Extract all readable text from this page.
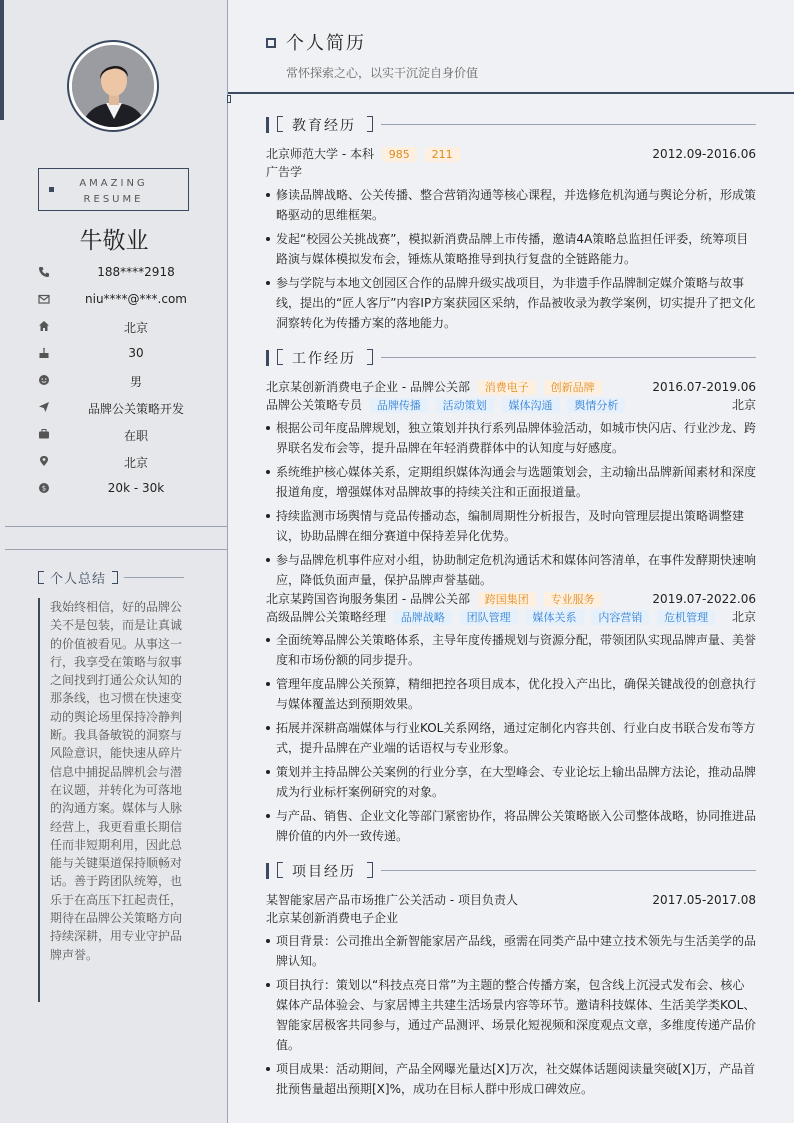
AMAZING
RESUME
牛敬业
188****2918
niu****@***.com
北京
30
男
品牌公关策略开发
在职
北京
$	20k - 30k
个人总结
我始终相信，好的品牌公关不是包装，而是让真诚的价值被看见。从事这一行，我享受在策略与叙事之间找到打通公众认知的那条线，也习惯在快速变动的舆论场里保持冷静判断。我具备敏锐的洞察与风险意识，能快速从碎片信息中捕捉品牌机会与潜在议题，并转化为可落地的沟通方案。媒体与人脉经营上，我更看重长期信任而非短期利用，因此总能与关键渠道保持顺畅对话。善于跨团队统筹，也乐于在高压下扛起责任，期待在品牌公关策略方向持续深耕，用专业守护品牌声誉。
个人简历
常怀探索之心，以实干沉淀自身价值
教育经历
北京师范大学 - 本科 985 211	2012.09-2016.06
广告学
修读品牌战略、公关传播、整合营销沟通等核心课程，并选修危机沟通与舆论分析，形成策略驱动的思维框架。
发起“校园公关挑战赛”，模拟新消费品牌上市传播，邀请4A策略总监担任评委，统筹项目路演与媒体模拟发布会，锤炼从策略推导到执行复盘的全链路能力。
参与学院与本地文创园区合作的品牌升级实战项目，为非遗手作品牌制定媒介策略与故事线，提出的“匠人客厅”内容IP方案获园区采纳，作品被收录为教学案例，切实提升了把文化洞察转化为传播方案的落地能力。
工作经历
北京某创新消费电子企业 - 品牌公关部 消费电子 创新品牌	2016.07-2019.06
品牌公关策略专员 品牌传播 活动策划 媒体沟通 舆情分析	北京
根据公司年度品牌规划，独立策划并执行系列品牌体验活动，如城市快闪店、行业沙龙、跨界联名发布会等，提升品牌在年轻消费群体中的认知度与好感度。
系统维护核心媒体关系，定期组织媒体沟通会与选题策划会，主动输出品牌新闻素材和深度报道角度，增强媒体对品牌故事的持续关注和正面报道量。
持续监测市场舆情与竞品传播动态，编制周期性分析报告，及时向管理层提出策略调整建议，协助品牌在细分赛道中保持差异化优势。
参与品牌危机事件应对小组，协助制定危机沟通话术和媒体问答清单，在事件发酵期快速响应，降低负面声量，保护品牌声誉基础。
北京某跨国咨询服务集团 - 品牌公关部 跨国集团 专业服务	2019.07-2022.06
高级品牌公关策略经理 品牌战略 团队管理 媒体关系 内容营销 危机管理 北京
全面统筹品牌公关策略体系，主导年度传播规划与资源分配，带领团队实现品牌声量、美誉度和市场份额的同步提升。
管理年度品牌公关预算，精细把控各项目成本，优化投入产出比，确保关键战役的创意执行与媒体覆盖达到预期效果。
拓展并深耕高端媒体与行业KOL关系网络，通过定制化内容共创、行业白皮书联合发布等方式，提升品牌在产业端的话语权与专业形象。
策划并主持品牌公关案例的行业分享，在大型峰会、专业论坛上输出品牌方法论，推动品牌成为行业标杆案例研究的对象。
与产品、销售、企业文化等部门紧密协作，将品牌公关策略嵌入公司整体战略，协同推进品牌价值的内外一致传递。
项目经历
某智能家居产品市场推广公关活动 - 项目负责人	2017.05-2017.08
北京某创新消费电子企业
项目背景：公司推出全新智能家居产品线，亟需在同类产品中建立技术领先与生活美学的品牌认知。
项目执行：策划以“科技点亮日常”为主题的整合传播方案，包含线上沉浸式发布会、核心媒体产品体验会、与家居博主共建生活场景内容等环节。邀请科技媒体、生活美学类KOL、智能家居极客共同参与，通过产品测评、场景化短视频和深度观点文章，多维度传递产品价值。
项目成果：活动期间，产品全网曝光量达[X]万次，社交媒体话题阅读量突破[X]万，产品首批预售量超出预期[X]%，成功在目标人群中形成口碑效应。
